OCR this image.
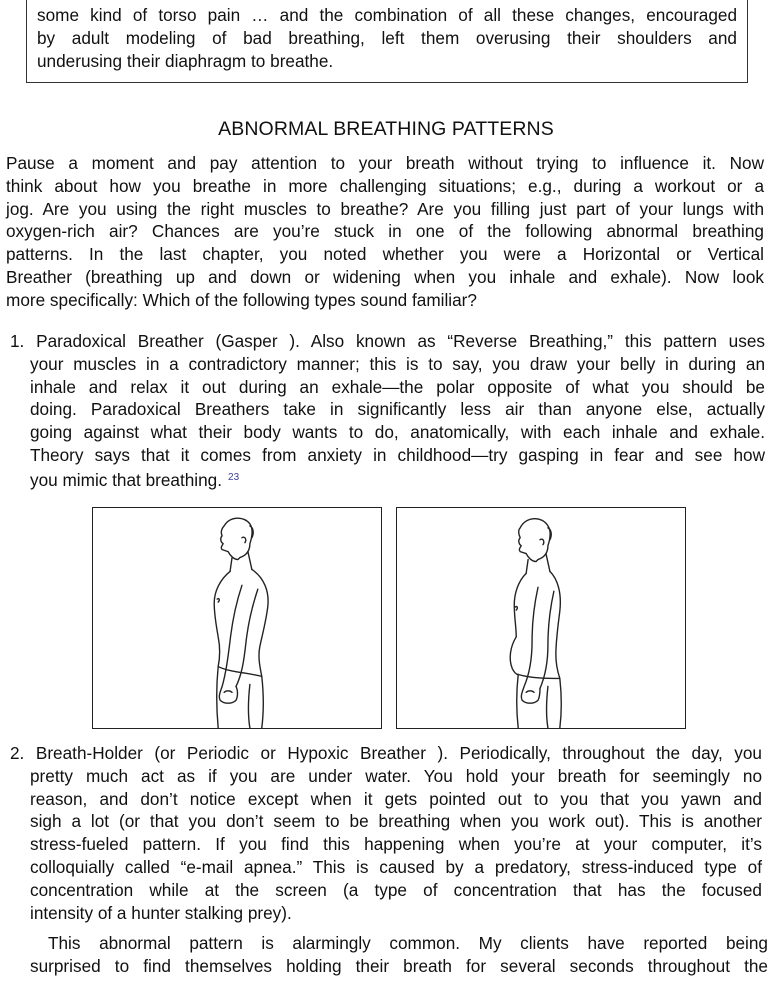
some kind of torso pain … and the combination of all these changes, encouraged
by adult modeling of bad breathing, left them overusing their shoulders and
underusing their diaphragm to breathe.

ABNORMAL BREATHING PATTERNS

Pause a moment and pay attention to your breath without trying to influence it. Now
think about how you breathe in more challenging situations; e.g., during a workout or a
jog. Are you using the right muscles to breathe? Are you filling just part of your lungs with
oxygen-rich air? Chances are you’re stuck in one of the following abnormal breathing
patterns. In the last chapter, you noted whether you were a Horizontal or Vertical
Breather (breathing up and down or widening when you inhale and exhale). Now look
more specifically: Which of the following types sound familiar?

1. Paradoxical Breather (Gasper ). Also known as “Reverse Breathing,” this pattern uses
your muscles in a contradictory manner; this is to say, you draw your belly in during an
inhale and relax it out during an exhale—the polar opposite of what you should be
doing. Paradoxical Breathers take in significantly less air than anyone else, actually
going against what their body wants to do, anatomically, with each inhale and exhale.
Theory says that it comes from anxiety in childhood—try gasping in fear and see how
you mimic that breathing. $^{23}$

2. Breath-Holder (or Periodic or Hypoxic Breather ). Periodically, throughout the day, you
pretty much act as if you are under water. You hold your breath for seemingly no
reason, and don’t notice except when it gets pointed out to you that you yawn and
sigh a lot (or that you don’t seem to be breathing when you work out). This is another
stress-fueled pattern. If you find this happening when you’re at your computer, it’s
colloquially called “e-mail apnea.” This is caused by a predatory, stress-induced type of
concentration while at the screen (a type of concentration that has the focused
intensity of a hunter stalking prey).

This abnormal pattern is alarmingly common. My clients have reported being
surprised to find themselves holding their breath for several seconds throughout the
